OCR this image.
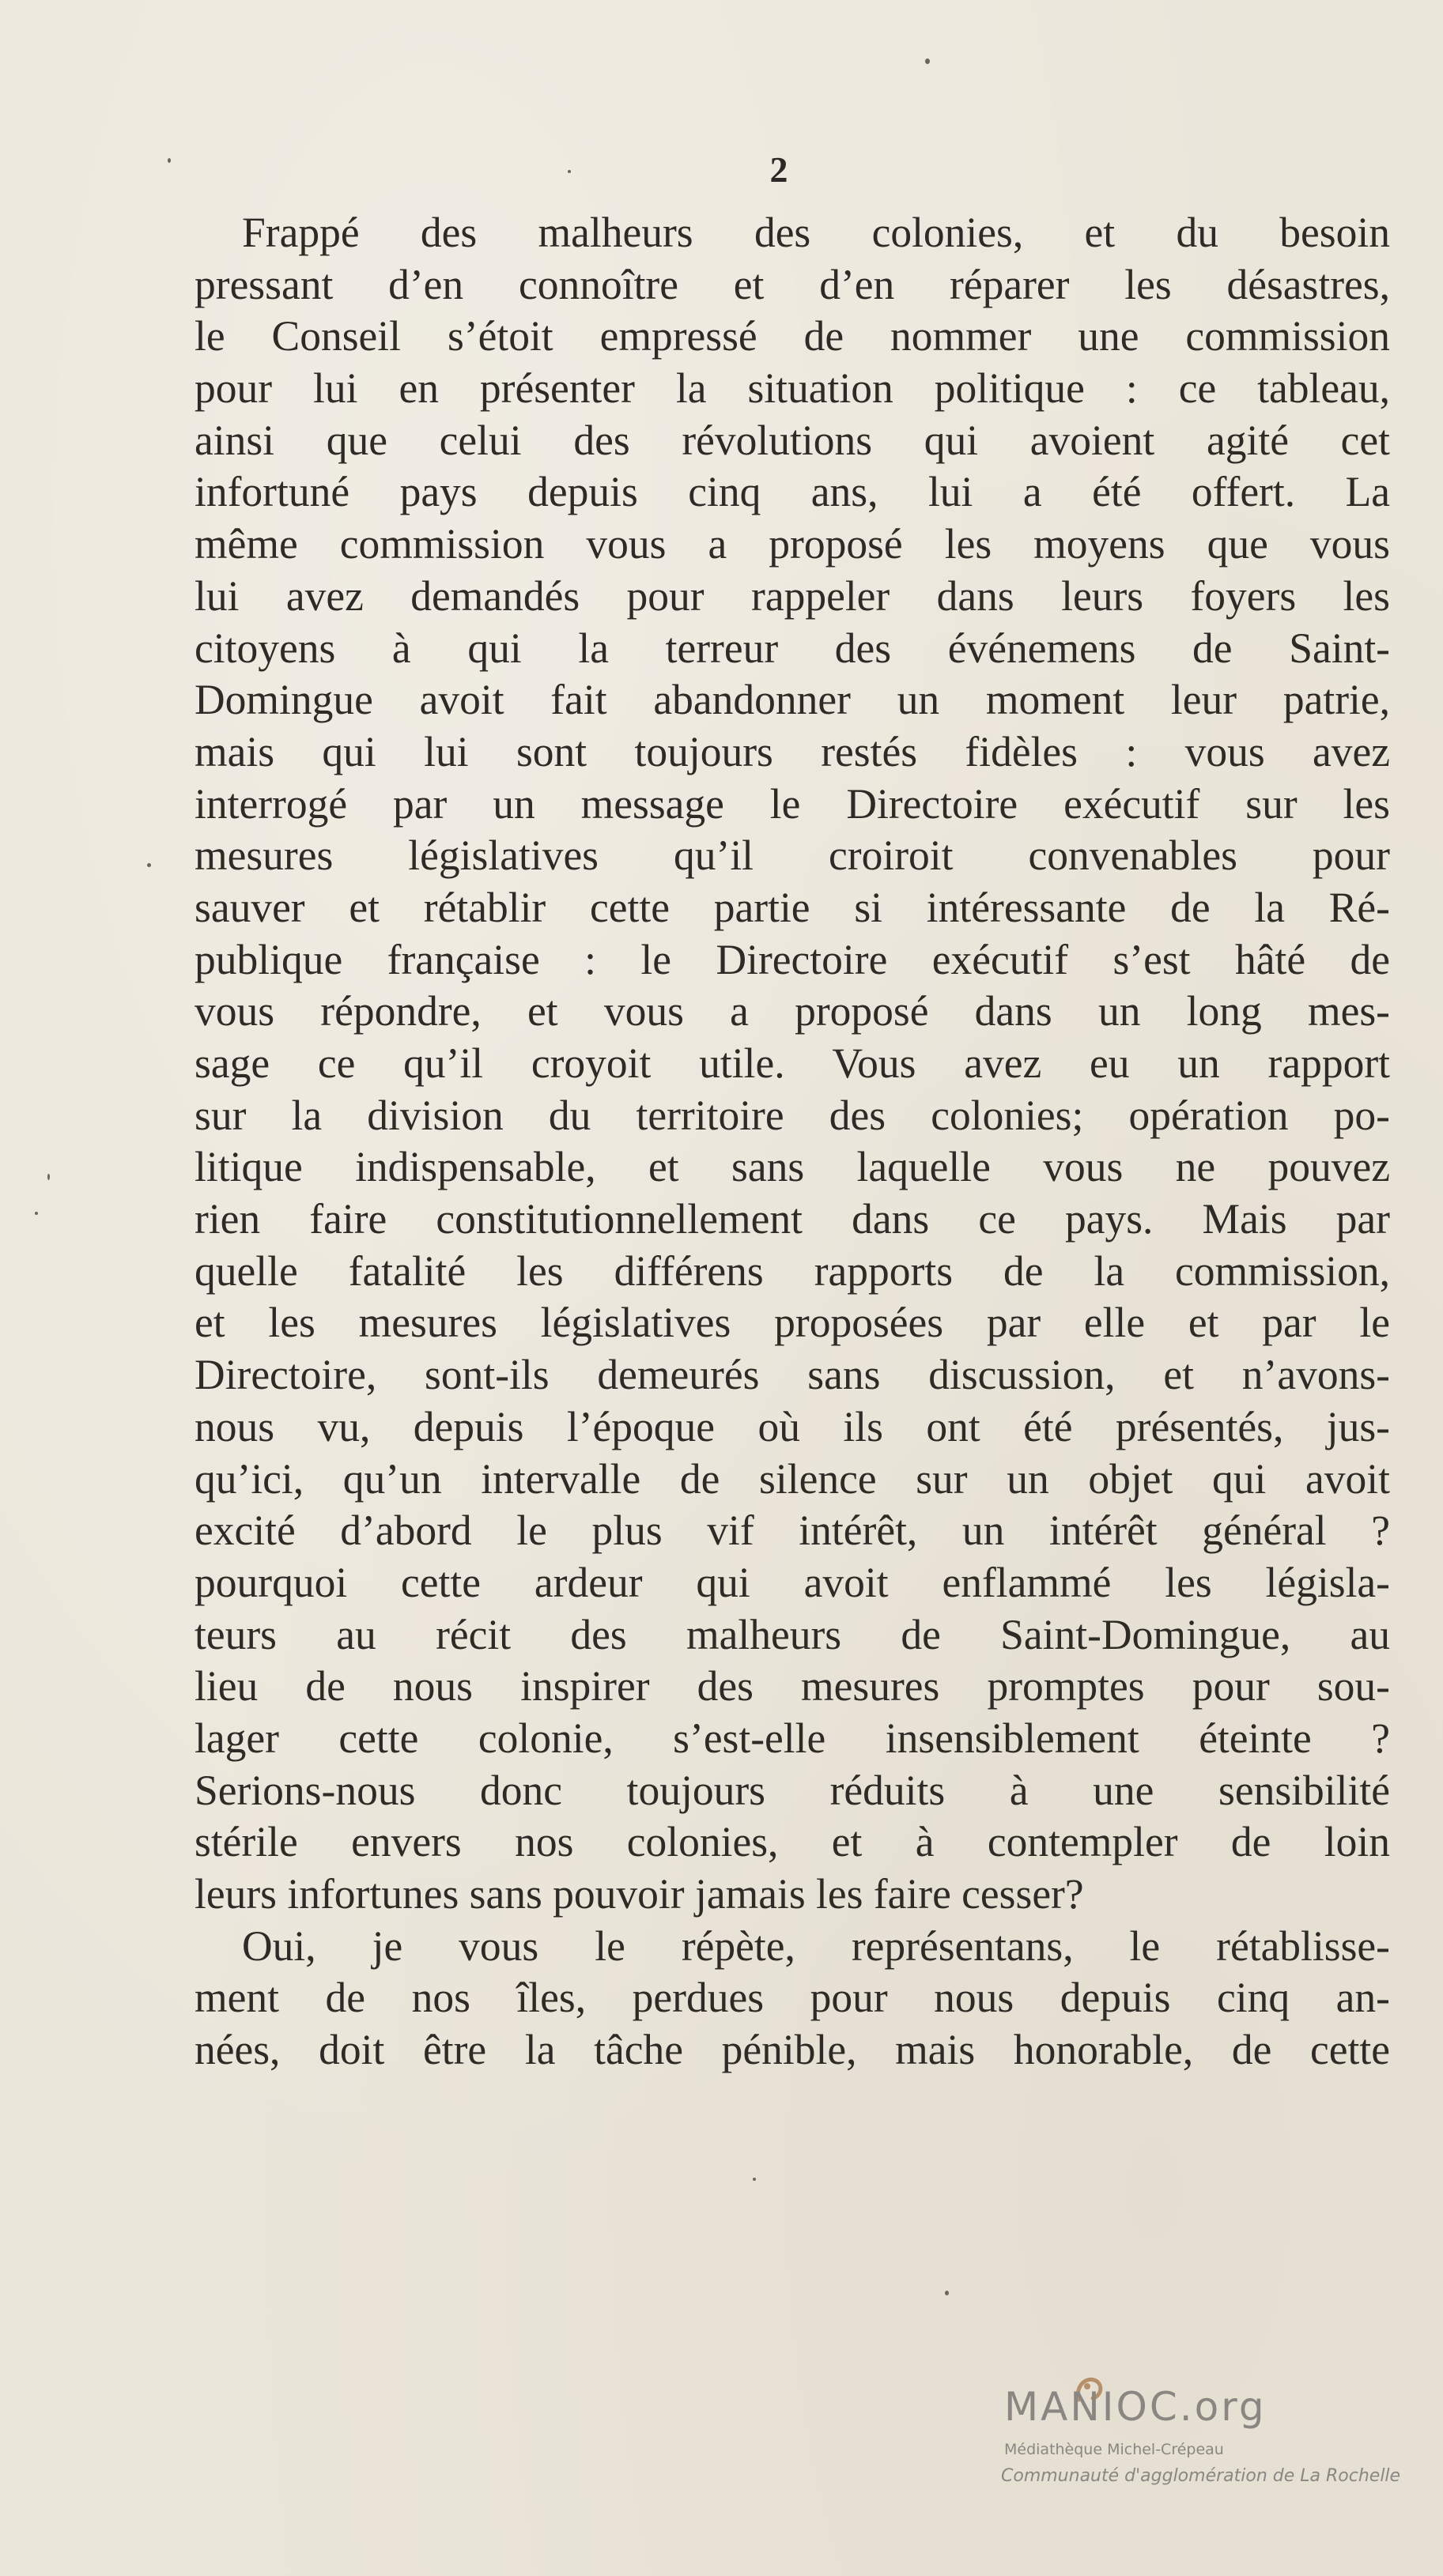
2
Frappé des malheurs des colonies, et du besoin
pressant d’en connoître et d’en réparer les désastres,
le Conseil s’étoit empressé de nommer une commission
pour lui en présenter la situation politique : ce tableau,
ainsi que celui des révolutions qui avoient agité cet
infortuné pays depuis cinq ans, lui a été offert. La
même commission vous a proposé les moyens que vous
lui avez demandés pour rappeler dans leurs foyers les
citoyens à qui la terreur des événemens de Saint-
Domingue avoit fait abandonner un moment leur patrie,
mais qui lui sont toujours restés fidèles : vous avez
interrogé par un message le Directoire exécutif sur les
mesures législatives qu’il croiroit convenables pour
sauver et rétablir cette partie si intéressante de la Ré-
publique française : le Directoire exécutif s’est hâté de
vous répondre, et vous a proposé dans un long mes-
sage ce qu’il croyoit utile. Vous avez eu un rapport
sur la division du territoire des colonies; opération po-
litique indispensable, et sans laquelle vous ne pouvez
rien faire constitutionnellement dans ce pays. Mais par
quelle fatalité les différens rapports de la commission,
et les mesures législatives proposées par elle et par le
Directoire, sont-ils demeurés sans discussion, et n’avons-
nous vu, depuis l’époque où ils ont été présentés, jus-
qu’ici, qu’un intervalle de silence sur un objet qui avoit
excité d’abord le plus vif intérêt, un intérêt général ?
pourquoi cette ardeur qui avoit enflammé les législa-
teurs au récit des malheurs de Saint-Domingue, au
lieu de nous inspirer des mesures promptes pour sou-
lager cette colonie, s’est-elle insensiblement éteinte ?
Serions-nous donc toujours réduits à une sensibilité
stérile envers nos colonies, et à contempler de loin
leurs infortunes sans pouvoir jamais les faire cesser?
Oui, je vous le répète, représentans, le rétablisse-
ment de nos îles, perdues pour nous depuis cinq an-
nées, doit être la tâche pénible, mais honorable, de cette
MANIOC.org
Médiathèque Michel-Crépeau
Communauté d'agglomération de La Rochelle
